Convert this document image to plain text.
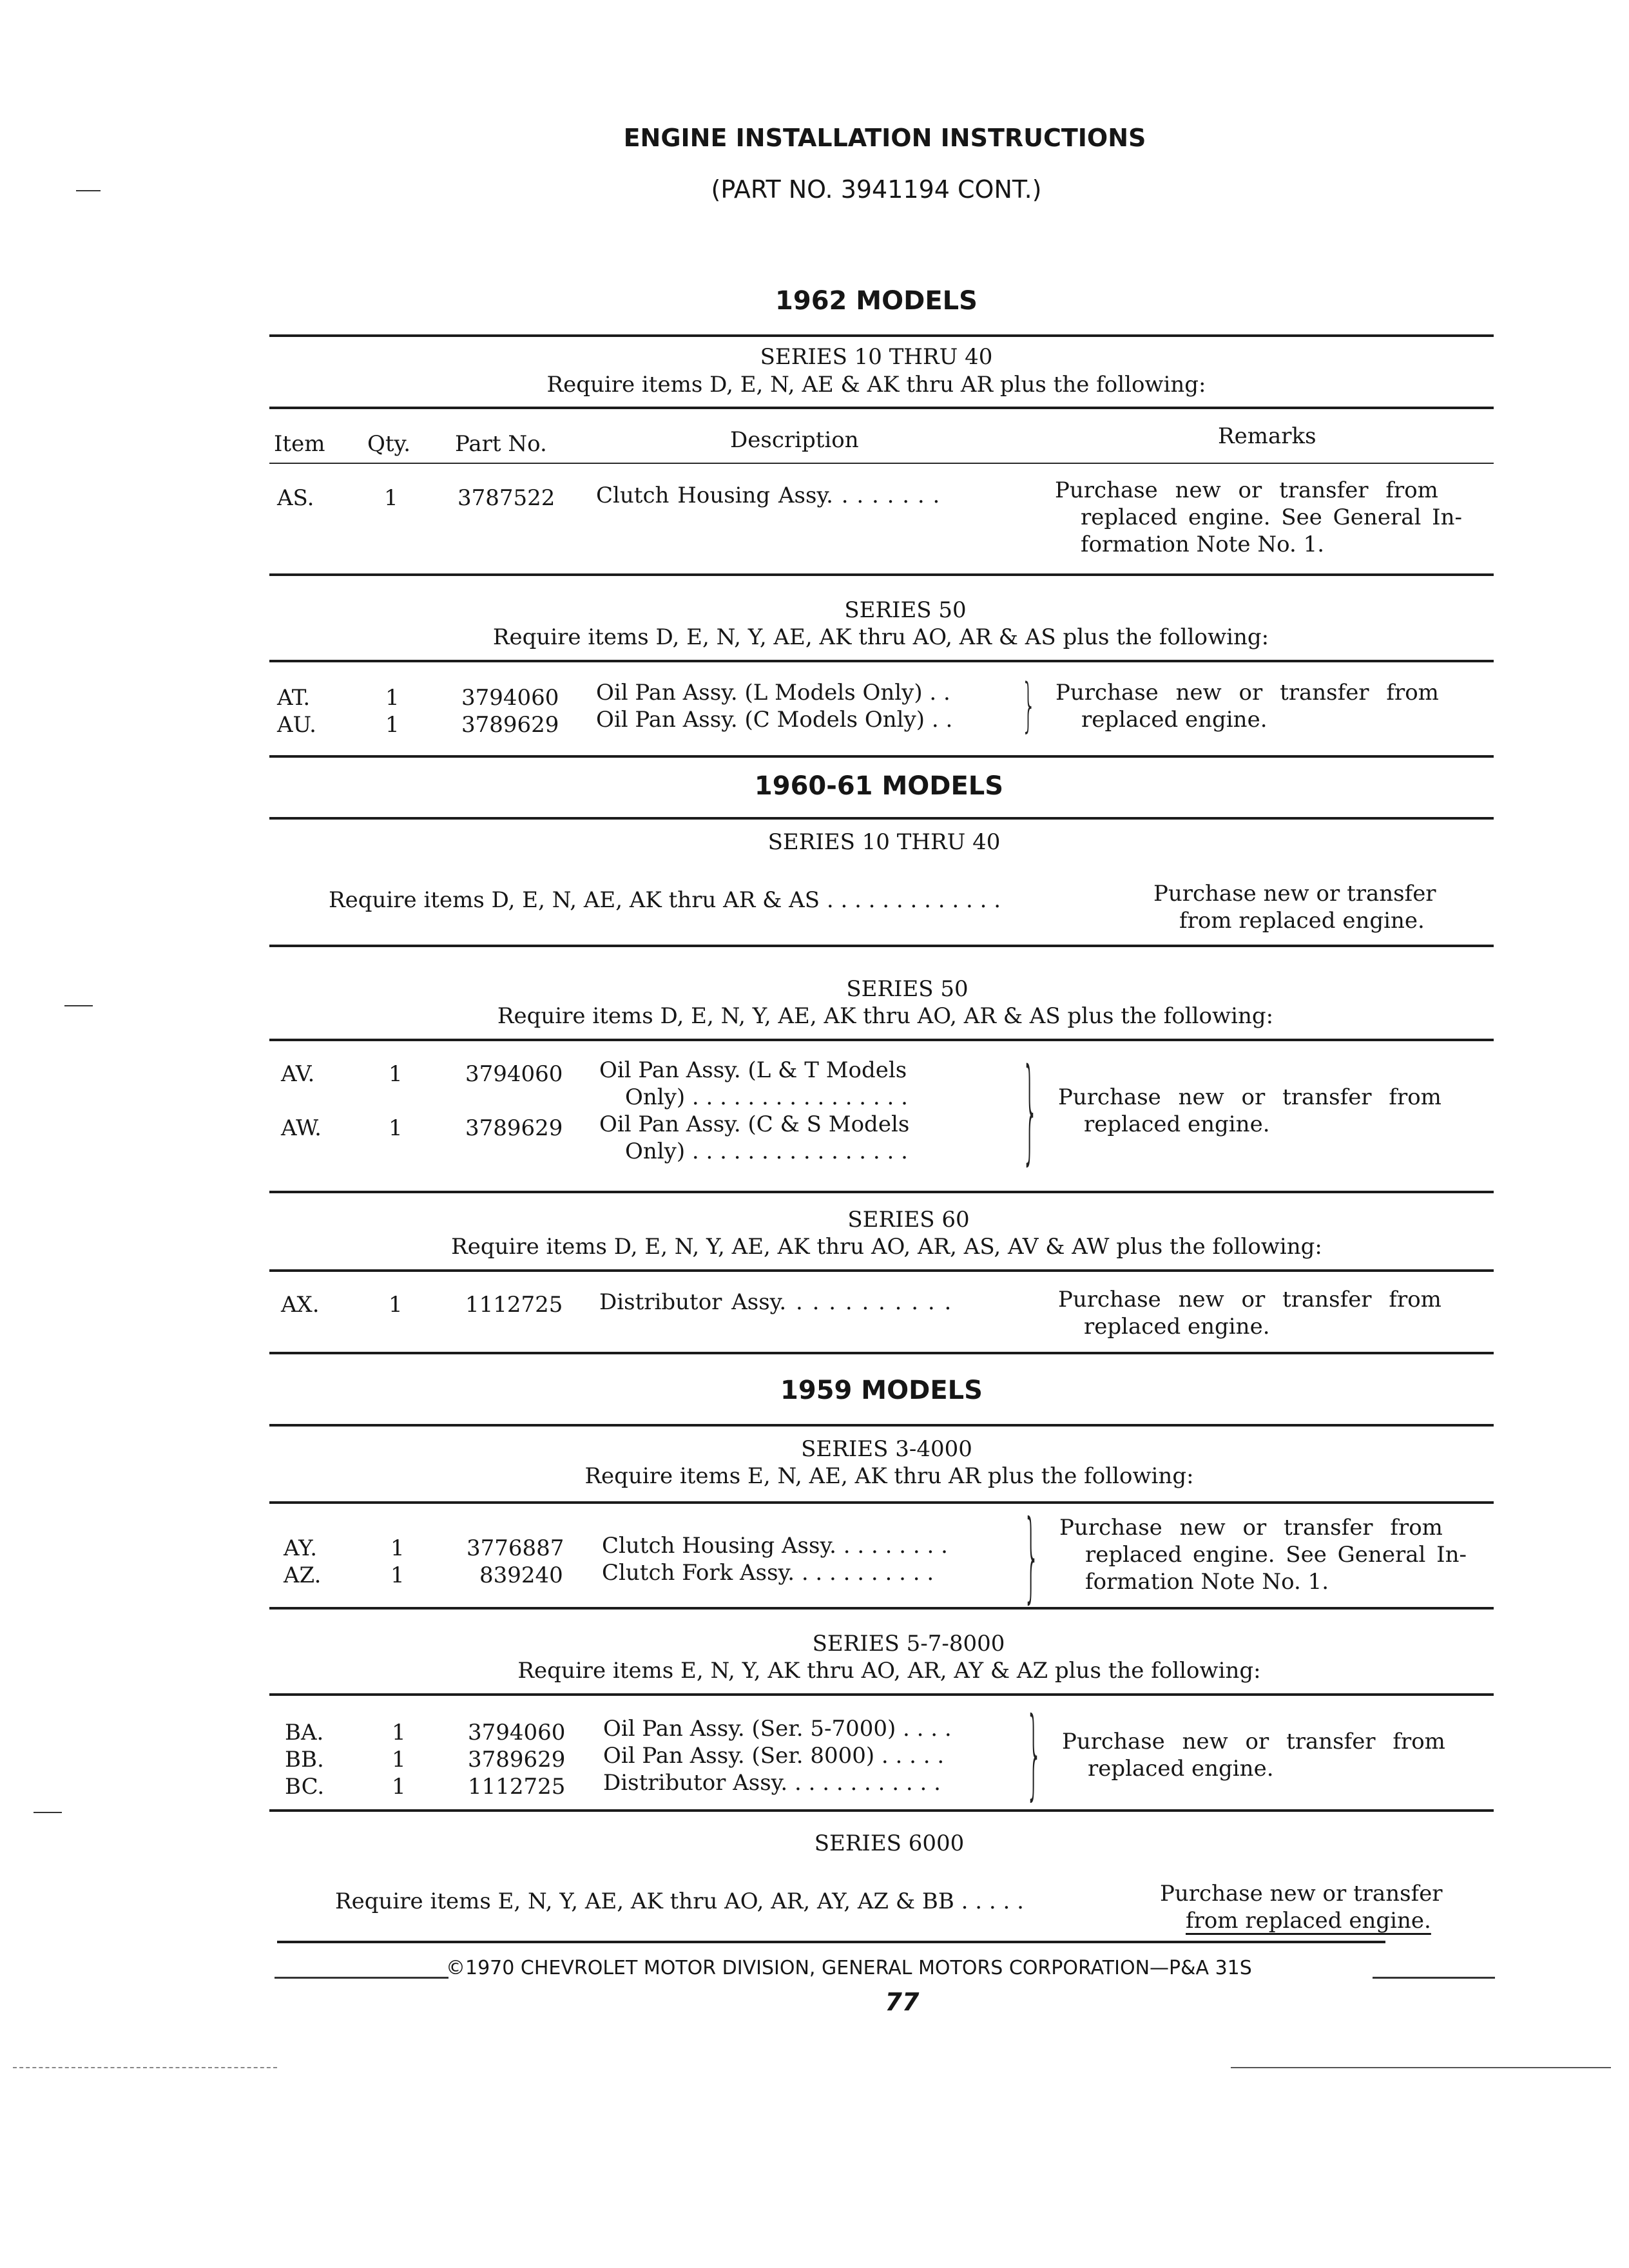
ENGINE INSTALLATION INSTRUCTIONS
(PART NO. 3941194 CONT.)
1962 MODELS
SERIES 10 THRU 40
Require items D, E, N, AE & AK thru AR plus the following:
Item Qty. Part No.	Description	Remarks
AS.	1	3787522 Clutch Housing Assy. . . . . . . .	Purchase new or transfer from
replaced engine. See General In-
formation Note No. 1.
SERIES 50
Require items D, E, N, Y, AE, AK thru AO, AR & AS plus the following:
AT.	1	3794060 Oil Pan Assy. (L Models Only) . .
AU.	1	3789629 Oil Pan Assy. (C Models Only) . . } Purchase new or transfer from
replaced engine.
1960-61 MODELS
SERIES 10 THRU 40
Require items D, E, N, AE, AK thru AR & AS . . . . . . . . . . . . .	Purchase new or transfer
from replaced engine.
SERIES 50
Require items D, E, N, Y, AE, AK thru AO, AR & AS plus the following:
AV.	1	3794060 Oil Pan Assy. (L & T Models
Only) . . . . . . . . . . . . . . . .
AW.	1	3789629 Oil Pan Assy. (C & S Models
Only) . . . . . . . . . . . . . . . . } Purchase new or transfer from
replaced engine.
SERIES 60
Require items D, E, N, Y, AE, AK thru AO, AR, AS, AV & AW plus the following:
AX.	1	1112725 Distributor Assy. . . . . . . . . . .	Purchase new or transfer from
replaced engine.
1959 MODELS
SERIES 3-4000
Require items E, N, AE, AK thru AR plus the following:
AY.	1	3776887 Clutch Housing Assy. . . . . . . . .
AZ.	1	839240 Clutch Fork Assy. . . . . . . . . . . } Purchase new or transfer from
replaced engine. See General In-
formation Note No. 1.
SERIES 5-7-8000
Require items E, N, Y, AK thru AO, AR, AY & AZ plus the following:
BA.	1	3794060 Oil Pan Assy. (Ser. 5-7000) . . . .
BB.	1	3789629 Oil Pan Assy. (Ser. 8000) . . . . .
BC.	1	1112725 Distributor Assy. . . . . . . . . . . . } Purchase new or transfer from
replaced engine.
SERIES 6000
Require items E, N, Y, AE, AK thru AO, AR, AY, AZ & BB . . . . .	Purchase new or transfer
from replaced engine.
©1970 CHEVROLET MOTOR DIVISION, GENERAL MOTORS CORPORATION—P&A 31S
77
